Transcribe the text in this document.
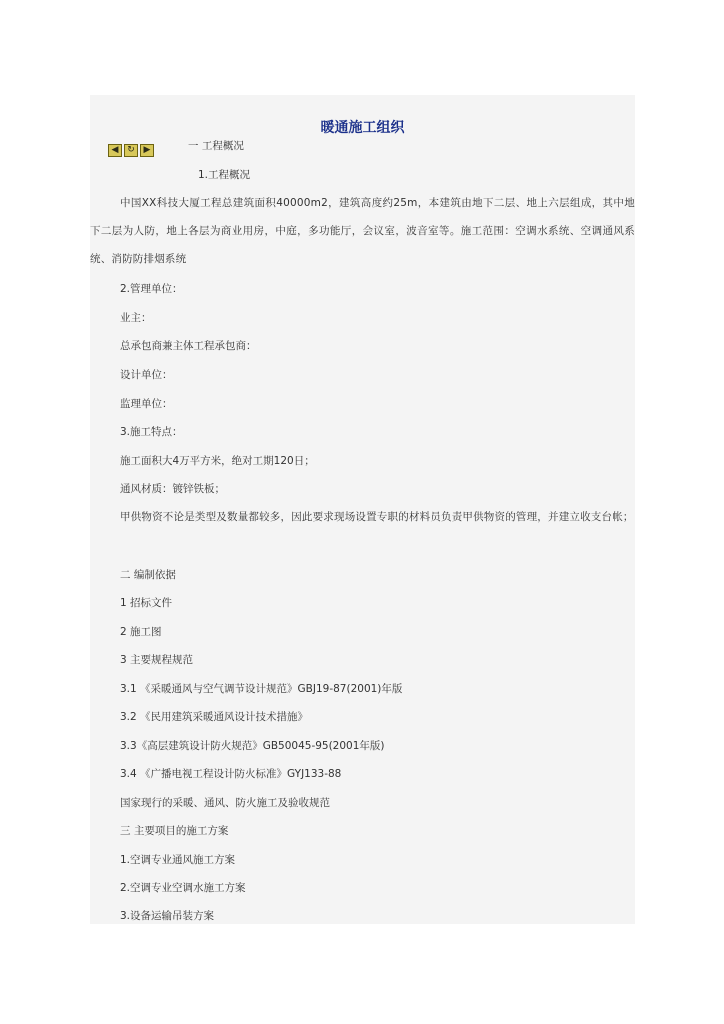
暖通施工组织
◀ ↻ ▶	一 工程概况

1.工程概况

中国XX科技大厦工程总建筑面积40000m2，建筑高度约25m，本建筑由地下二层、地上六层组成，其中地下二层为人防，地上各层为商业用房，中庭，多功能厅，会议室，波音室等。施工范围：空调水系统、空调通风系统、消防防排烟系统

2.管理单位：

业主：

总承包商兼主体工程承包商：

设计单位：

监理单位：

3.施工特点：

施工面积大4万平方米，绝对工期120日；

通风材质：镀锌铁板；

甲供物资不论是类型及数量都较多，因此要求现场设置专职的材料员负责甲供物资的管理，并建立收支台帐；

二 编制依据

1 招标文件

2 施工图

3 主要规程规范

3.1 《采暖通风与空气调节设计规范》GBJ19-87(2001)年版

3.2 《民用建筑采暖通风设计技术措施》

3.3《高层建筑设计防火规范》GB50045-95(2001年版)

3.4 《广播电视工程设计防火标准》GYJ133-88

国家现行的采暖、通风、防火施工及验收规范

三 主要项目的施工方案

1.空调专业通风施工方案

2.空调专业空调水施工方案

3.设备运输吊装方案
